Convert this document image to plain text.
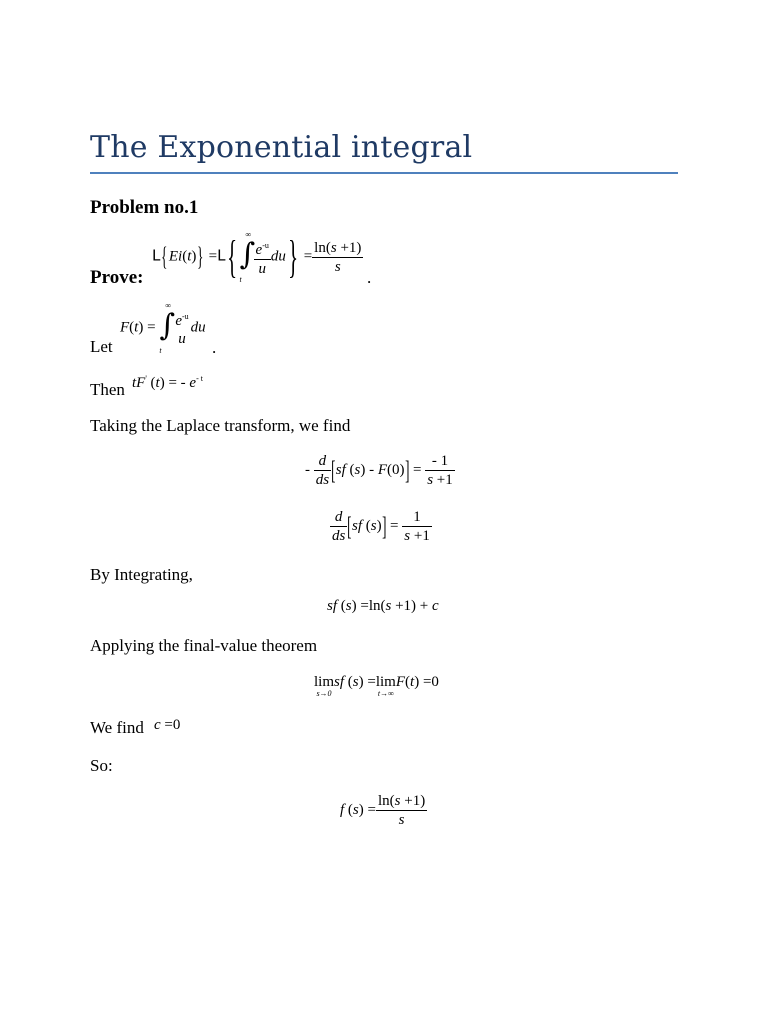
The Exponential integral
Problem no.1
Prove:
L{Ei(t)} =L{ ∫
∞
t
$\frac{e^{-u}}{u} du\} = \frac{\ln(s +1)}{s}$
.
Let
F(t) = ∫
∞
t
$e^{-u}$
u
du
.
Then tF' (t) = - $e^{- t}$
Taking the Laplace transform, we find
- $\frac{d}{ds} [sf$ $(s) - F(0)] = \frac{- 1}{s +1}$
$\frac{d}{ds} [sf$ $(s)] = \frac{1}{s +1}$
By Integrating,
sf (s) =ln(s +1) + c
Applying the final-value theorem
lim
s→0
sf (s) =lim
t→∞
F(t) =0
We find c =0
So:
f $(s) = \frac{\ln(s +1)}{s}$
